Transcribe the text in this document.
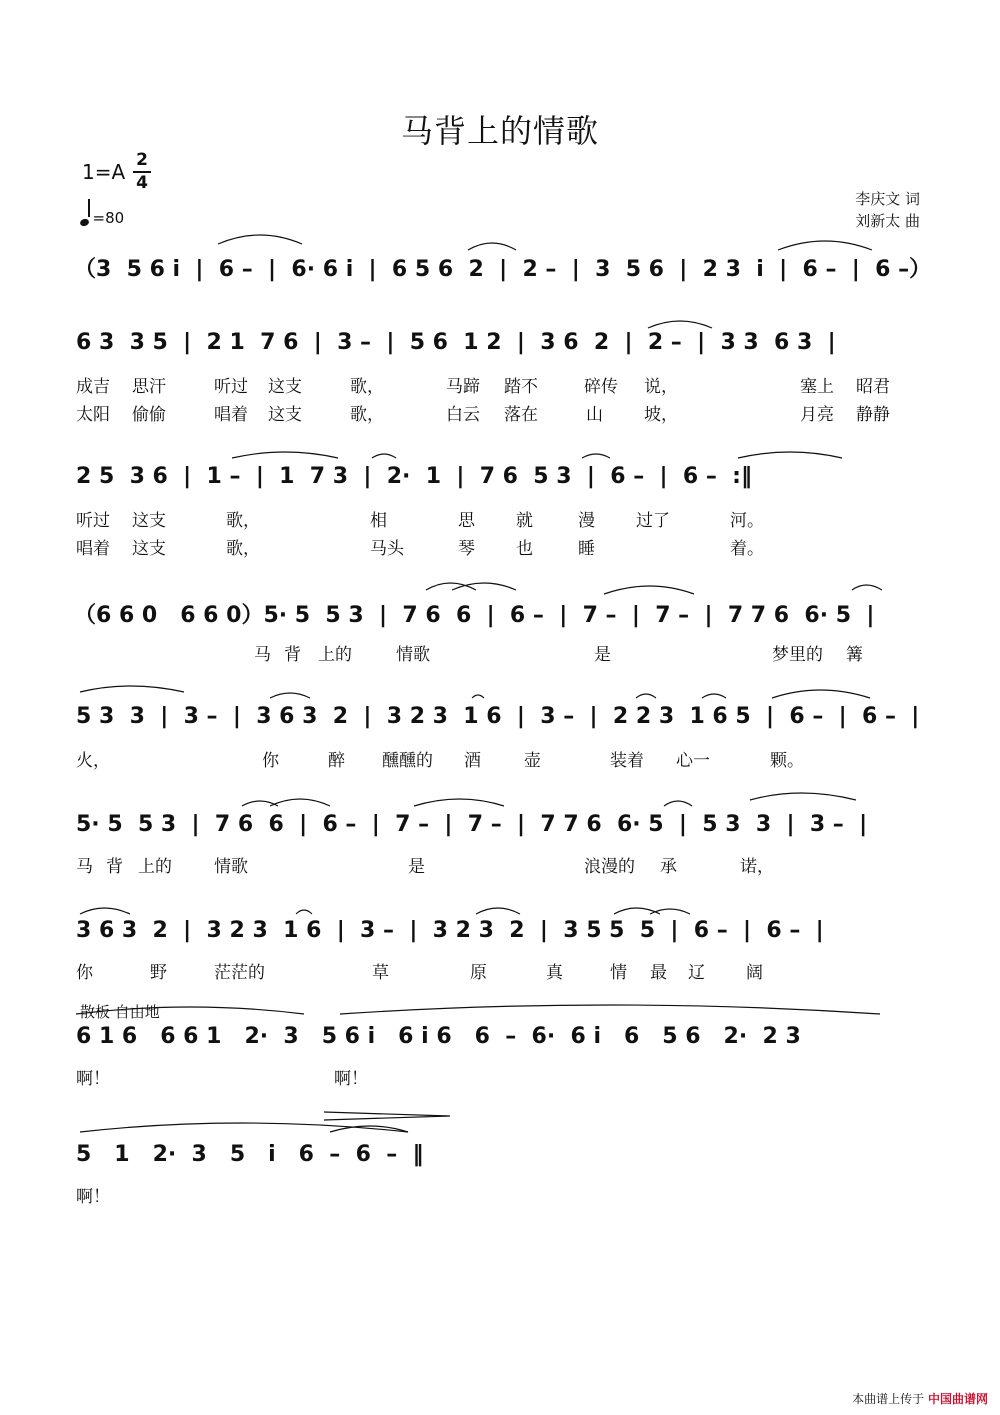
马背上的情歌
1=A 2
4
=80
李庆文 词
刘新太 曲
（3  5 6 i  |  6 –  |  6· 6 i  |  6 5 6  2  |  2 –  |  3  5 6  |  2 3  i  |  6 –  |  6 –）
6 3  3 5  |  2 1  7 6  |  3 –  |  5 6  1 2  |  3 6  2  |  2 –  |  3 3  6 3  |
成吉 思汗	听过 这支	歌，	马蹄 踏不	碎传 说，	塞上 昭君
太阳 偷偷	唱着 这支	歌，	白云 落在	山 坡，	月亮 静静
2 5  3 6  |  1 –  |  1  7 3  |  2·  1  |  7 6  5 3  |  6 –  |  6 –  :‖
听过 这支	歌，	相	思 就	漫 过了	河。
唱着 这支	歌，	马头	琴 也	睡	着。
（6 6 0   6 6 0）5· 5  5 3  |  7 6  6  |  6 –  |  7 –  |  7 –  |  7 7 6  6· 5  |
马 背 上的	情歌	是	梦里的 篝
5 3  3  |  3 –  |  3 6 3  2  |  3 2 3  1 6  |  3 –  |  2 2 3  1 6 5  |  6 –  |  6 –  |
火，	你	醉 醺醺的 酒	壶	装着 心一	颗。
5· 5  5 3  |  7 6  6  |  6 –  |  7 –  |  7 –  |  7 7 6  6· 5  |  5 3  3  |  3 –  |
马 背 上的 情歌	是	浪漫的 承	诺，
3 6 3  2  |  3 2 3  1 6  |  3 –  |  3 2 3  2  |  3 5 5  5  |  6 –  |  6 –  |
你	野	茫茫的	草	原	真	情 最 辽 阔
散板 自由地
6 1 6   6 6 1   2·  3   5 6 i   6 i 6   6  –  6·  6 i   6   5 6   2·  2 3
啊！	啊！
5   1   2·  3   5   i   6  –  6  –  ‖
啊！
本曲谱上传于 中国曲谱网
